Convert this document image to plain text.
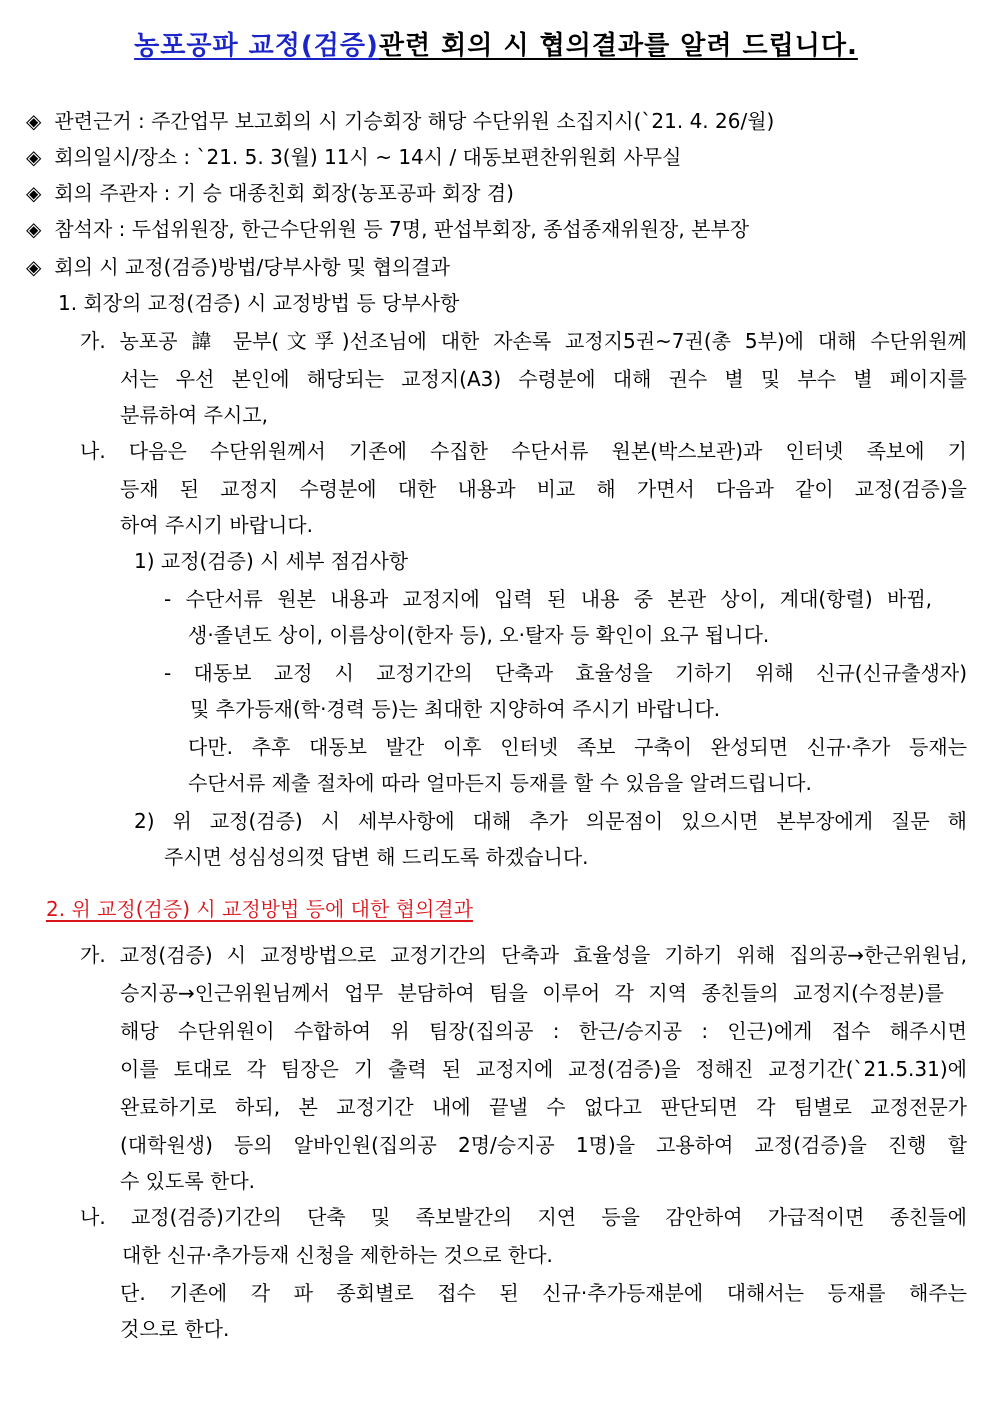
농포공파 교정(검증)관련 회의 시 협의결과를 알려 드립니다.
◈ 관련근거 : 주간업무 보고회의 시 기승회장 해당 수단위원 소집지시(`21. 4. 26/월)
◈ 회의일시/장소 : `21. 5. 3(월) 11시 ~ 14시 / 대동보편찬위원회 사무실
◈ 회의 주관자 : 기 승 대종친회 회장(농포공파 회장 겸)
◈ 참석자 : 두섭위원장, 한근수단위원 등 7명, 판섭부회장, 종섭종재위원장, 본부장
◈ 회의 시 교정(검증)방법/당부사항 및 협의결과
1. 회장의 교정(검증) 시 교정방법 등 당부사항
가. 농포공 諱 문부(文孚)선조님에 대한 자손록 교정지5권~7권(총 5부)에 대해 수단위원께
서는 우선 본인에 해당되는 교정지(A3) 수령분에 대해 권수 별 및 부수 별 페이지를
분류하여 주시고,
나. 다음은 수단위원께서 기존에 수집한 수단서류 원본(박스보관)과 인터넷 족보에 기
등재 된 교정지 수령분에 대한 내용과 비교 해 가면서 다음과 같이 교정(검증)을
하여 주시기 바랍니다.
1) 교정(검증) 시 세부 점검사항
- 수단서류 원본 내용과 교정지에 입력 된 내용 중 본관 상이, 계대(항렬) 바뀜,
생·졸년도 상이, 이름상이(한자 등), 오·탈자 등 확인이 요구 됩니다.
- 대동보 교정 시 교정기간의 단축과 효율성을 기하기 위해 신규(신규출생자)
및 추가등재(학·경력 등)는 최대한 지양하여 주시기 바랍니다.
다만. 추후 대동보 발간 이후 인터넷 족보 구축이 완성되면 신규·추가 등재는
수단서류 제출 절차에 따라 얼마든지 등재를 할 수 있음을 알려드립니다.
2) 위 교정(검증) 시 세부사항에 대해 추가 의문점이 있으시면 본부장에게 질문 해
주시면 성심성의껏 답변 해 드리도록 하겠습니다.
2. 위 교정(검증) 시 교정방법 등에 대한 협의결과
가. 교정(검증) 시 교정방법으로 교정기간의 단축과 효율성을 기하기 위해 집의공→한근위원님,
승지공→인근위원님께서 업무 분담하여 팀을 이루어 각 지역 종친들의 교정지(수정분)를
해당 수단위원이 수합하여 위 팀장(집의공 : 한근/승지공 : 인근)에게 접수 해주시면
이를 토대로 각 팀장은 기 출력 된 교정지에 교정(검증)을 정해진 교정기간(`21.5.31)에
완료하기로 하되, 본 교정기간 내에 끝낼 수 없다고 판단되면 각 팀별로 교정전문가
(대학원생) 등의 알바인원(집의공 2명/승지공 1명)을 고용하여 교정(검증)을 진행 할
수 있도록 한다.
나. 교정(검증)기간의 단축 및 족보발간의 지연 등을 감안하여 가급적이면 종친들에
대한 신규·추가등재 신청을 제한하는 것으로 한다.
단. 기존에 각 파 종회별로 접수 된 신규·추가등재분에 대해서는 등재를 해주는
것으로 한다.
